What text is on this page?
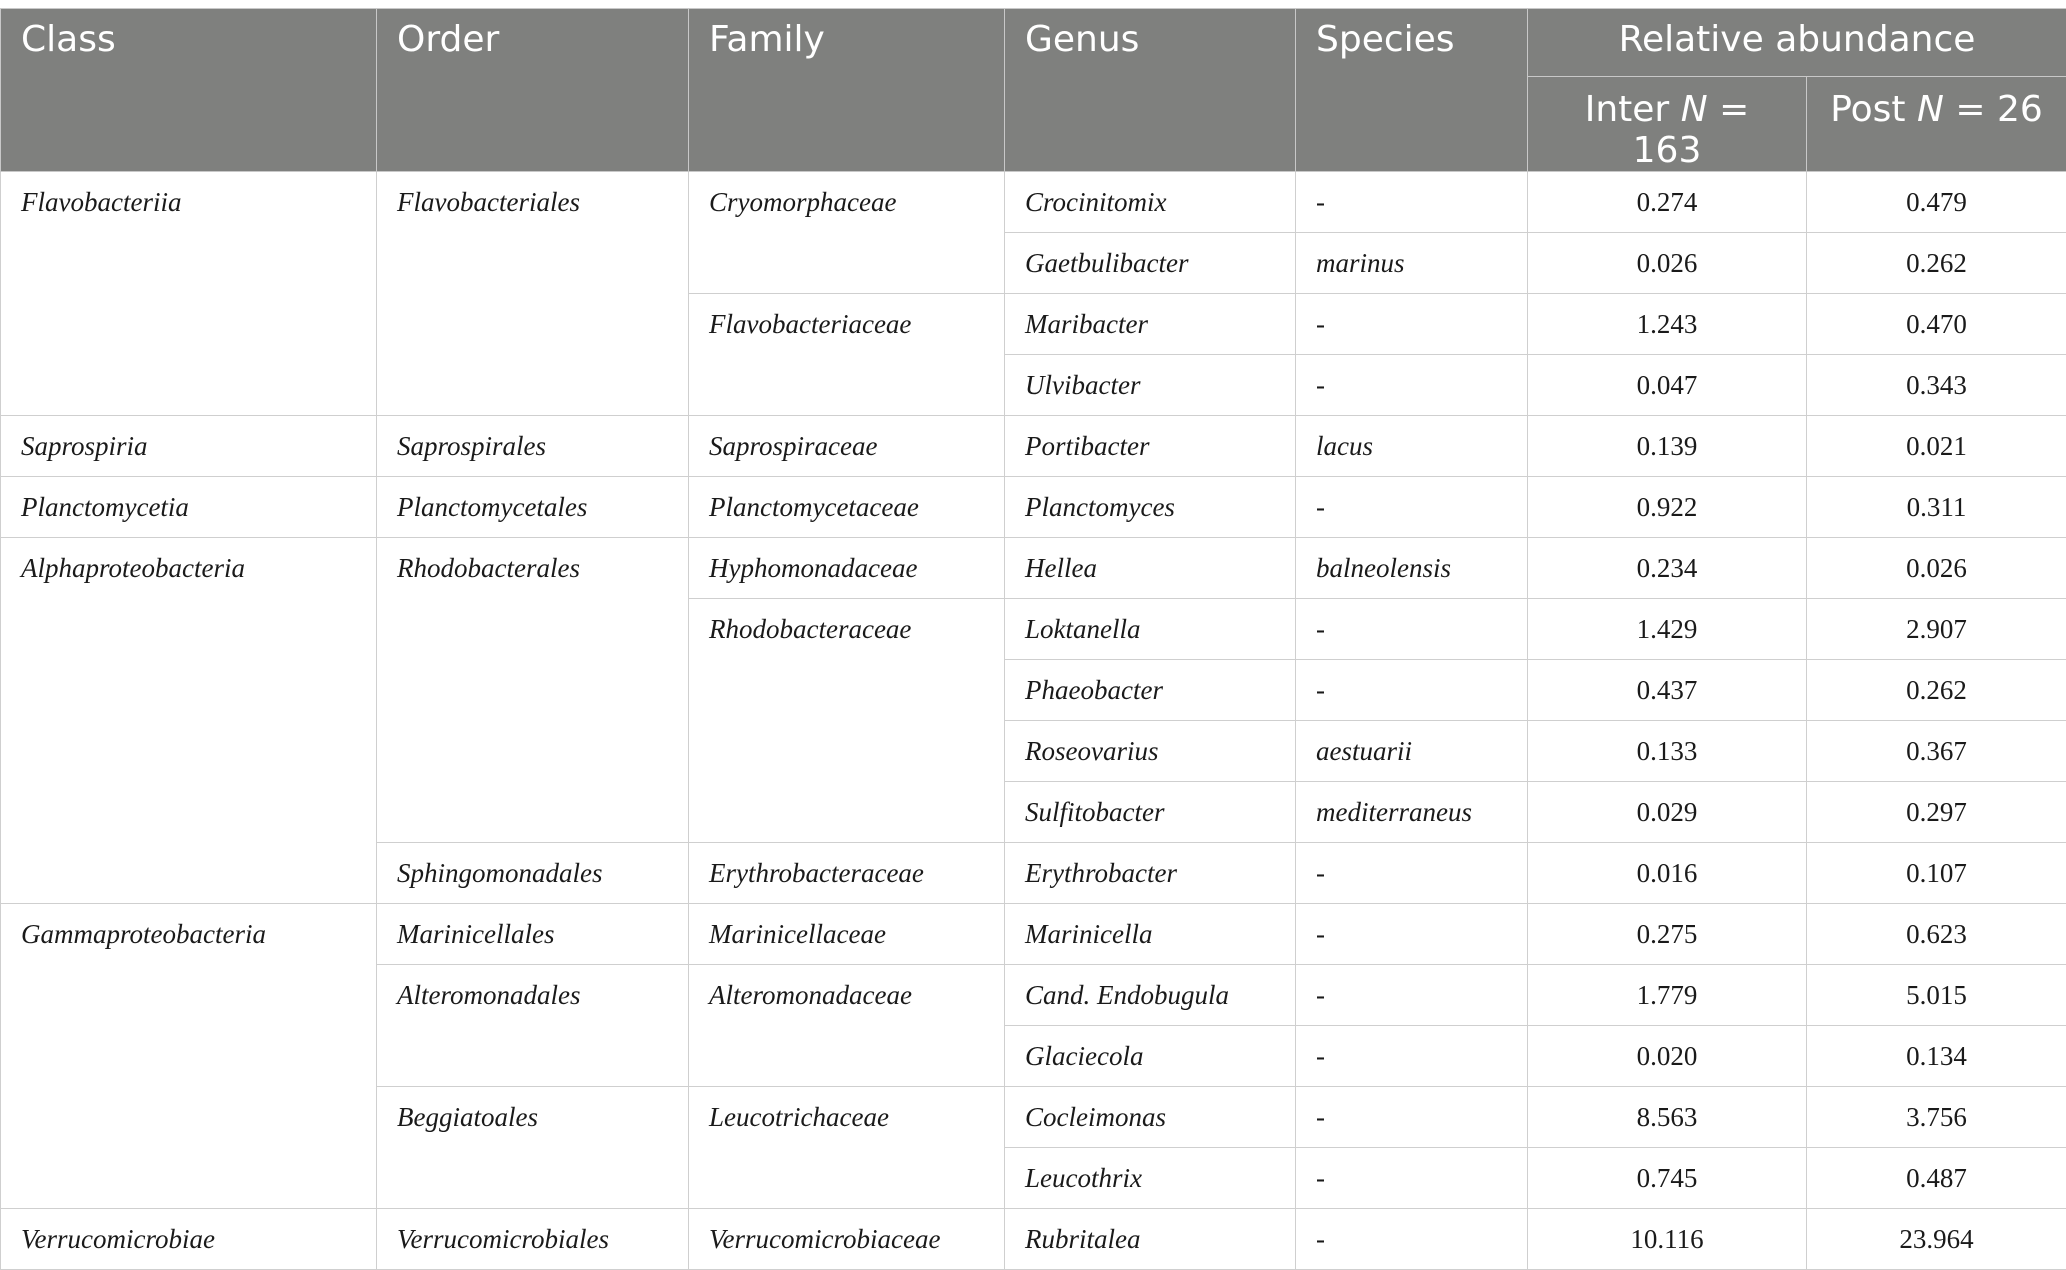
Class	Order	Family	Genus	Species	Relative abundance	
					Inter N = 163	Post N = 26
Flavobacteriia	Flavobacteriales	Cryomorphaceae	Crocinitomix	-	0.274	0.479
			Gaetbulibacter	marinus	0.026	0.262
		Flavobacteriaceae	Maribacter	-	1.243	0.470
			Ulvibacter	-	0.047	0.343
Saprospiria	Saprospirales	Saprospiraceae	Portibacter	lacus	0.139	0.021
Planctomycetia	Planctomycetales	Planctomycetaceae	Planctomyces	-	0.922	0.311
Alphaproteobacteria	Rhodobacterales	Hyphomonadaceae	Hellea	balneolensis	0.234	0.026
		Rhodobacteraceae	Loktanella	-	1.429	2.907
			Phaeobacter	-	0.437	0.262
			Roseovarius	aestuarii	0.133	0.367
			Sulfitobacter	mediterraneus	0.029	0.297
	Sphingomonadales	Erythrobacteraceae	Erythrobacter	-	0.016	0.107
Gammaproteobacteria	Marinicellales	Marinicellaceae	Marinicella	-	0.275	0.623
	Alteromonadales	Alteromonadaceae	Cand. Endobugula	-	1.779	5.015
			Glaciecola	-	0.020	0.134
	Beggiatoales	Leucotrichaceae	Cocleimonas	-	8.563	3.756
			Leucothrix	-	0.745	0.487
Verrucomicrobiae	Verrucomicrobiales	Verrucomicrobiaceae	Rubritalea	-	10.116	23.964
